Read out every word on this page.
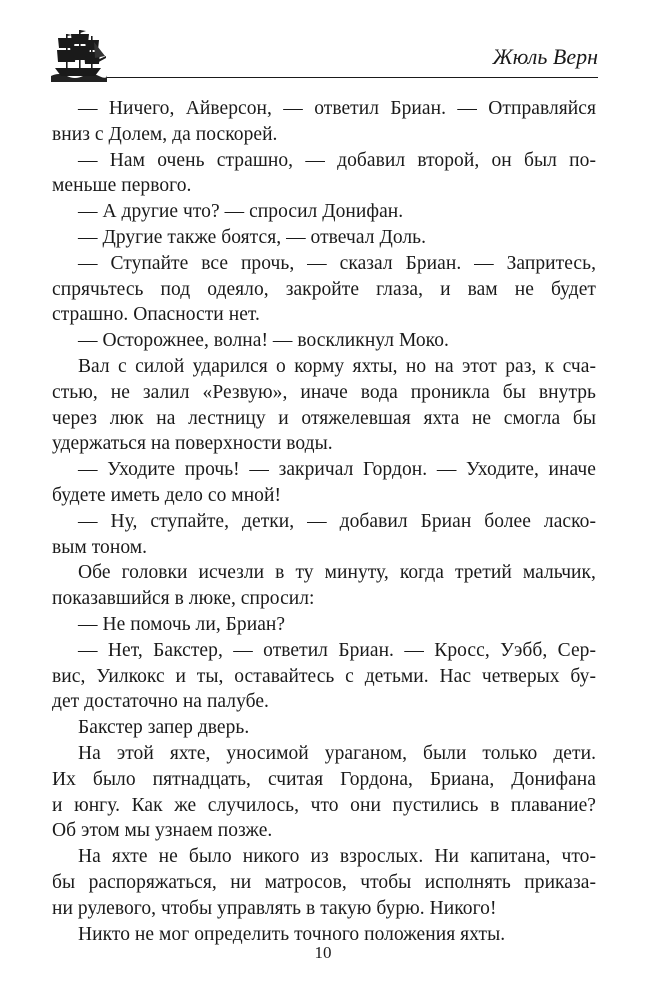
Жюль Верн

— Ничего, Айверсон, — ответил Бриан. — Отправляйся
вниз с Долем, да поскорей.

— Нам очень страшно, — добавил второй, он был по-
меньше первого.

— А другие что? — спросил Донифан.

— Другие также боятся, — отвечал Доль.

— Ступайте все прочь, — сказал Бриан. — Запритесь,
спрячьтесь под одеяло, закройте глаза, и вам не будет
страшно. Опасности нет.

— Осторожнее, волна! — воскликнул Моко.

Вал с силой ударился о корму яхты, но на этот раз, к сча-
стью, не залил «Резвую», иначе вода проникла бы внутрь
через люк на лестницу и отяжелевшая яхта не смогла бы
удержаться на поверхности воды.

— Уходите прочь! — закричал Гордон. — Уходите, иначе
будете иметь дело со мной!

— Ну, ступайте, детки, — добавил Бриан более ласко-
вым тоном.

Обе головки исчезли в ту минуту, когда третий мальчик,
показавшийся в люке, спросил:

— Не помочь ли, Бриан?

— Нет, Бакстер, — ответил Бриан. — Кросс, Уэбб, Сер-
вис, Уилкокс и ты, оставайтесь с детьми. Нас четверых бу-
дет достаточно на палубе.

Бакстер запер дверь.

На этой яхте, уносимой ураганом, были только дети.
Их было пятнадцать, считая Гордона, Бриана, Донифана
и юнгу. Как же случилось, что они пустились в плавание?
Об этом мы узнаем позже.

На яхте не было никого из взрослых. Ни капитана, что-
бы распоряжаться, ни матросов, чтобы исполнять приказа-
ни рулевого, чтобы управлять в такую бурю. Никого!

Никто не мог определить точного положения яхты.

10
